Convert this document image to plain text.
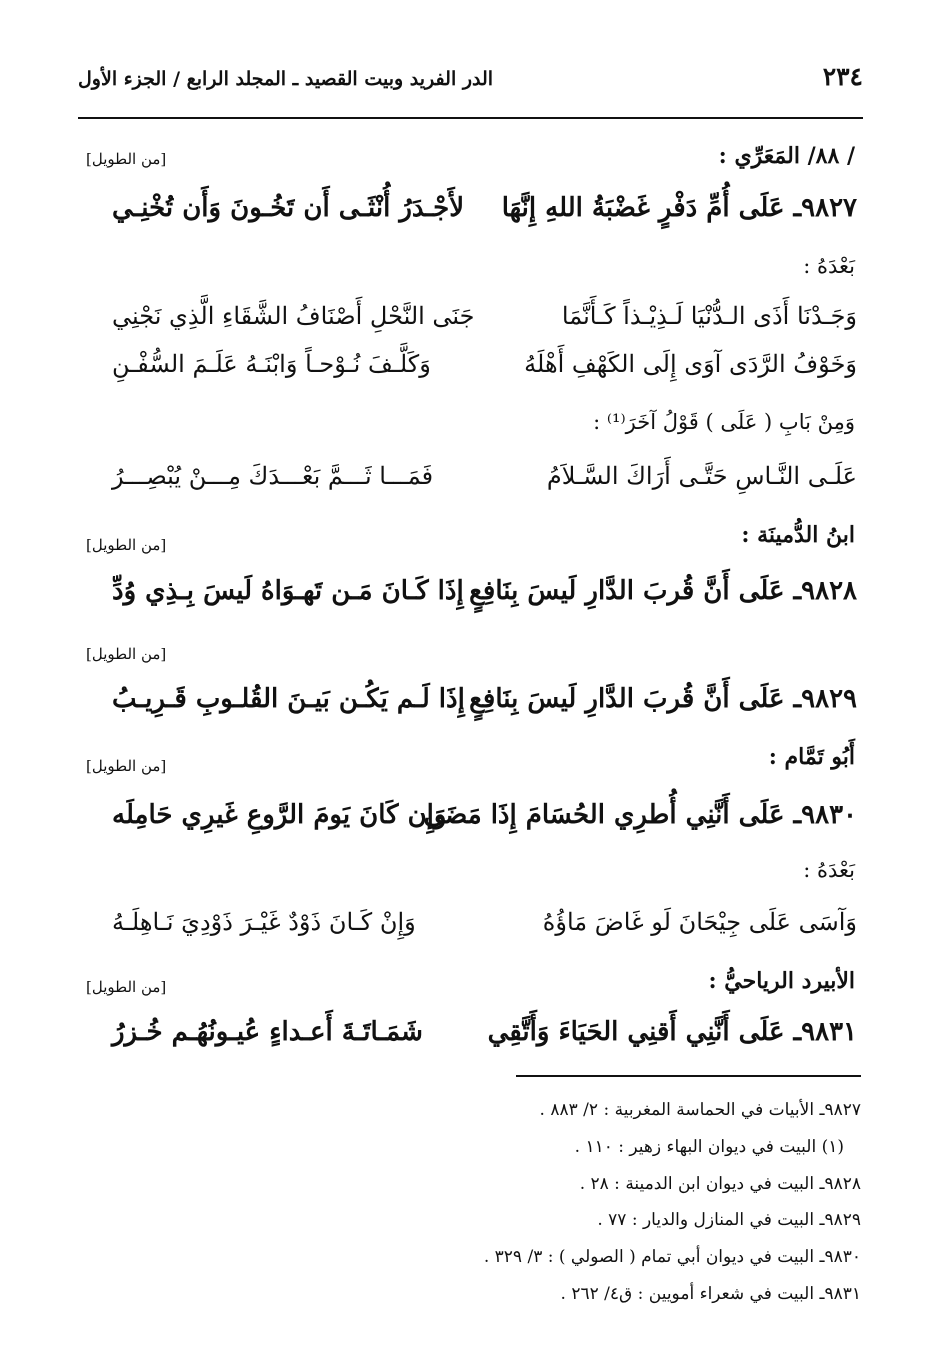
الدر الفريد وبيت القصيد ـ المجلد الرابع / الجزء الأول	٢٣٤
/ ٨٨/ المَعَرِّي :
[من الطويل]
٩٨٢٧ـ عَلَى أُمِّ دَفْرٍ غَضْبَةُ اللهِ إِنَّهَا
لأَجْـدَرُ أُنْثَـى أَن تَخُـونَ وَأَن تُخْنِـي
بَعْدَهُ :
وَجَـدْنَا أَذَى الـدُّنْيَا لَـذِيْـذاً كَـأَنَّمَا
جَنَى النَّحْلِ أَصْنَافُ الشَّقَاءِ الَّذِي نَجْنِي
وَخَوْفُ الرَّدَى آوَى إِلَى الكَهْفِ أَهْلَهُ
وَكَلَّـفَ نُـوْحـاً وَابْنَـهُ عَلَـمَ السُّفْـنِ
وَمِنْ بَابِ ( عَلَى ) قَوْلُ آخَرَ⁽¹⁾ :
عَلَـى النَّـاسِ حَتَّـى أَرَاكَ السَّـلاَمُ
فَمَـــا ثَـــمَّ بَعْـــدَكَ مِـــنْ يُبْصِـــرُ
ابنُ الدُّمينَة :
[من الطويل]
٩٨٢٨ـ عَلَى أَنَّ قُربَ الدَّارِ لَيسَ بِنَافِعٍ
إِذَا كَـانَ مَـن تَهـوَاهُ لَيسَ بِـذِي وُدِّ
[من الطويل]
٩٨٢٩ـ عَلَى أَنَّ قُربَ الدَّارِ لَيسَ بِنَافِعٍ
إِذَا لَـم يَكُـن بَيـنَ القُلـوبِ قَـرِيـبُ
أَبُو تَمَّام :
[من الطويل]
٩٨٣٠ـ عَلَى أَنَّنِي أُطرِي الحُسَامَ إِذَا مَضَى
وَإِن كَانَ يَومَ الرَّوعِ غَيرِي حَامِلَه
بَعْدَهُ :
وَآسَى عَلَى جِيْحَانَ لَو غَاضَ مَاؤُهُ
وَإِنْ كَـانَ ذَوْدٌ غَيْـرَ ذَوْدِيَ نَـاهِلَـهُ
الأبيرد الرياحيُّ :
[من الطويل]
٩٨٣١ـ عَلَى أَنَّنِي أَقنِي الحَيَاءَ وَأَتَّقِي
شَمَـاتَـةَ أَعـداءٍ عُيـونُهُـم خُـزرُ
٩٨٢٧ـ الأبيات في الحماسة المغربية : ٢/ ٨٨٣ .
(١) البيت في ديوان البهاء زهير : ١١٠ .
٩٨٢٨ـ البيت في ديوان ابن الدمينة : ٢٨ .
٩٨٢٩ـ البيت في المنازل والديار : ٧٧ .
٩٨٣٠ـ البيت في ديوان أبي تمام ( الصولي ) : ٣/ ٣٢٩ .
٩٨٣١ـ البيت في شعراء أمويين : ق٤/ ٢٦٢ .
